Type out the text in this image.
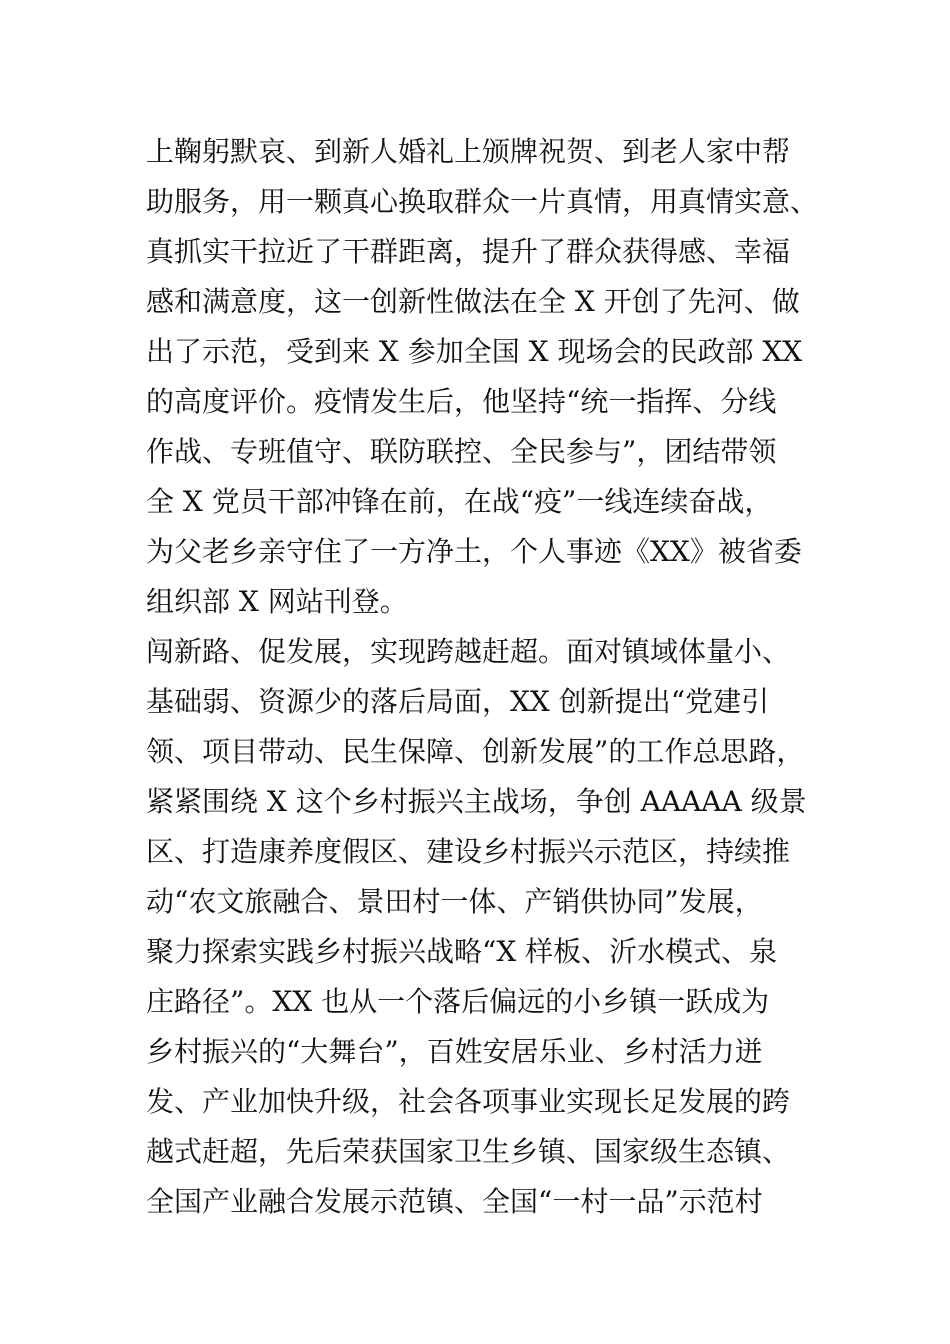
上鞠躬默哀、到新人婚礼上颁牌祝贺、到老人家中帮
助服务，用一颗真心换取群众一片真情，用真情实意、
真抓实干拉近了干群距离，提升了群众获得感、幸福
感和满意度，这一创新性做法在全 X 开创了先河、做
出了示范，受到来 X 参加全国 X 现场会的民政部 XX
的高度评价。疫情发生后，他坚持“统一指挥、分线
作战、专班值守、联防联控、全民参与”，团结带领
全 X 党员干部冲锋在前，在战“疫”一线连续奋战，
为父老乡亲守住了一方净土，个人事迹《XX》被省委
组织部 X 网站刊登。
闯新路、促发展，实现跨越赶超。面对镇域体量小、
基础弱、资源少的落后局面，XX 创新提出“党建引
领、项目带动、民生保障、创新发展”的工作总思路，
紧紧围绕 X 这个乡村振兴主战场，争创 AAAAA 级景
区、打造康养度假区、建设乡村振兴示范区，持续推
动“农文旅融合、景田村一体、产销供协同”发展，
聚力探索实践乡村振兴战略“X 样板、沂水模式、泉
庄路径”。XX 也从一个落后偏远的小乡镇一跃成为
乡村振兴的“大舞台”，百姓安居乐业、乡村活力迸
发、产业加快升级，社会各项事业实现长足发展的跨
越式赶超，先后荣获国家卫生乡镇、国家级生态镇、
全国产业融合发展示范镇、全国“一村一品”示范村
